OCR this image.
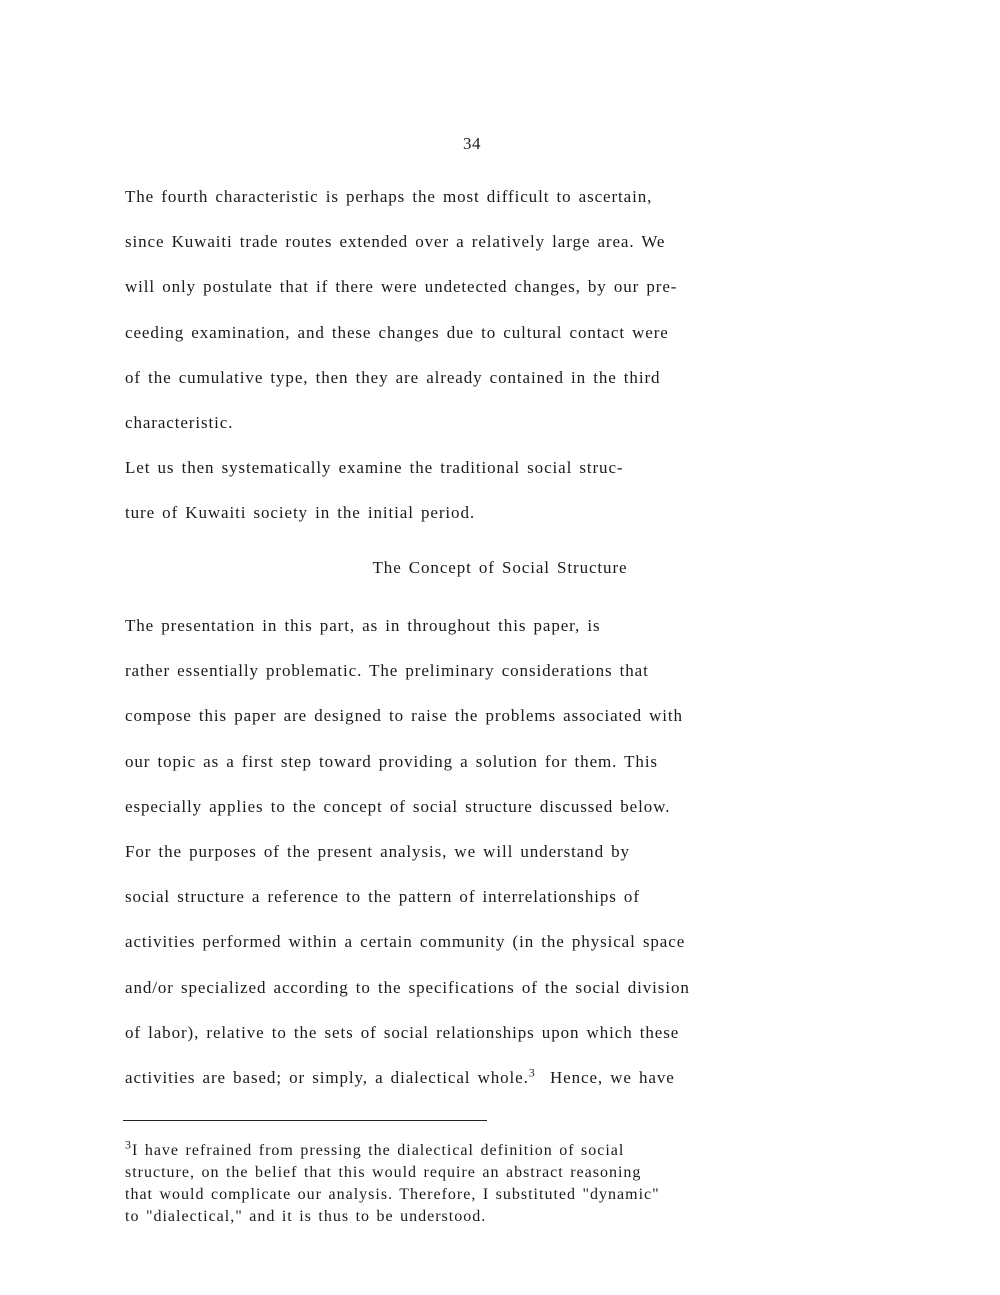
34

The fourth characteristic is perhaps the most difficult to ascertain,
since Kuwaiti trade routes extended over a relatively large area. We
will only postulate that if there were undetected changes, by our pre-
ceeding examination, and these changes due to cultural contact were
of the cumulative type, then they are already contained in the third
characteristic.

Let us then systematically examine the traditional social struc-
ture of Kuwaiti society in the initial period.

The Concept of Social Structure

The presentation in this part, as in throughout this paper, is
rather essentially problematic. The preliminary considerations that
compose this paper are designed to raise the problems associated with
our topic as a first step toward providing a solution for them. This
especially applies to the concept of social structure discussed below.

For the purposes of the present analysis, we will understand by
social structure a reference to the pattern of interrelationships of
activities performed within a certain community (in the physical space
and/or specialized according to the specifications of the social division
of labor), relative to the sets of social relationships upon which these
activities are based; or simply, a dialectical whole.$^3$  Hence, we have

$^3$I have refrained from pressing the dialectical definition of social
structure, on the belief that this would require an abstract reasoning
that would complicate our analysis. Therefore, I substituted "dynamic"
to "dialectical," and it is thus to be understood.
